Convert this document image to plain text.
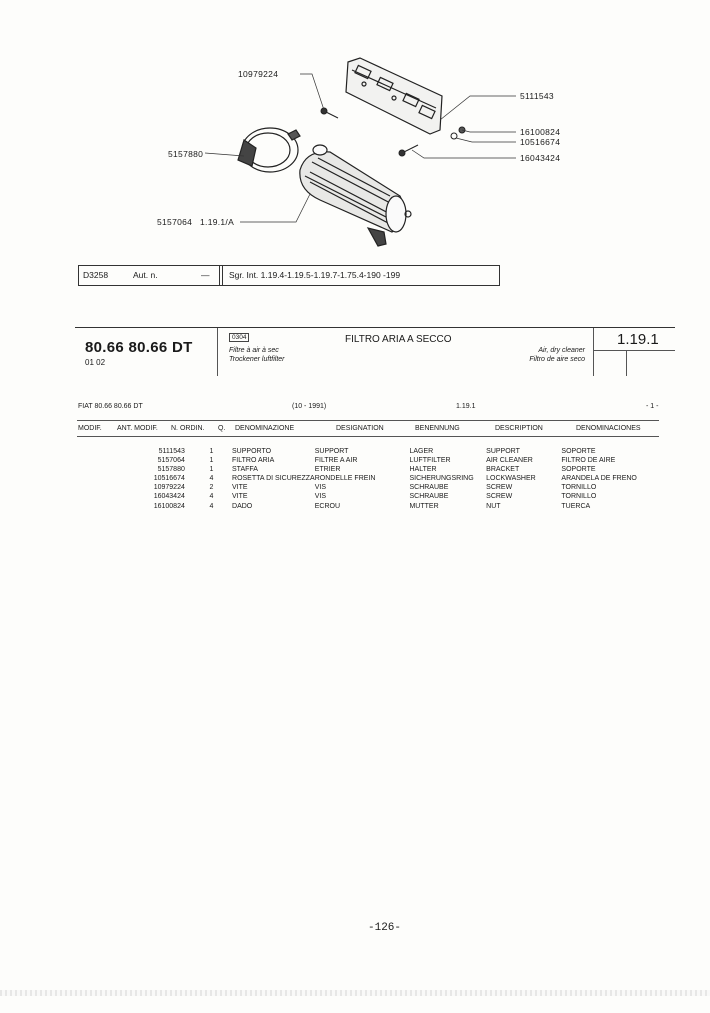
10979224
5111543
5157880
16100824
10516674
16043424
5157064 1.19.1/A
D3258	Aut. n.	— Sgr. Int. 1.19.4-1.19.5-1.19.7-1.75.4-190 -199
80.66 80.66 DT
01 02
0304
Filtre à air à sec
Trockener luftfilter
FILTRO ARIA A SECCO
Air, dry cleaner
Filtro de aire seco
1.19.1
FIAT 80.66 80.66 DT	(10 - 1991)	1.19.1	- 1 -
MODIF. ANT. MODIF. N. ORDIN. Q. DENOMINAZIONE	DESIGNATION	BENENNUNG	DESCRIPTION	DENOMINACIONES
5111543	1	SUPPORTO	SUPPORT	LAGER	SUPPORT	SOPORTE
5157064	1	FILTRO ARIA	FILTRE A AIR	LUFTFILTER	AIR CLEANER	FILTRO DE AIRE
5157880	1	STAFFA	ETRIER	HALTER	BRACKET	SOPORTE
10516674	4	ROSETTA DI SICUREZZA	RONDELLE FREIN	SICHERUNGSRING	LOCKWASHER	ARANDELA DE FRENO
10979224	2	VITE	VIS	SCHRAUBE	SCREW	TORNILLO
16043424	4	VITE	VIS	SCHRAUBE	SCREW	TORNILLO
16100824	4	DADO	ECROU	MUTTER	NUT	TUERCA
-126-
